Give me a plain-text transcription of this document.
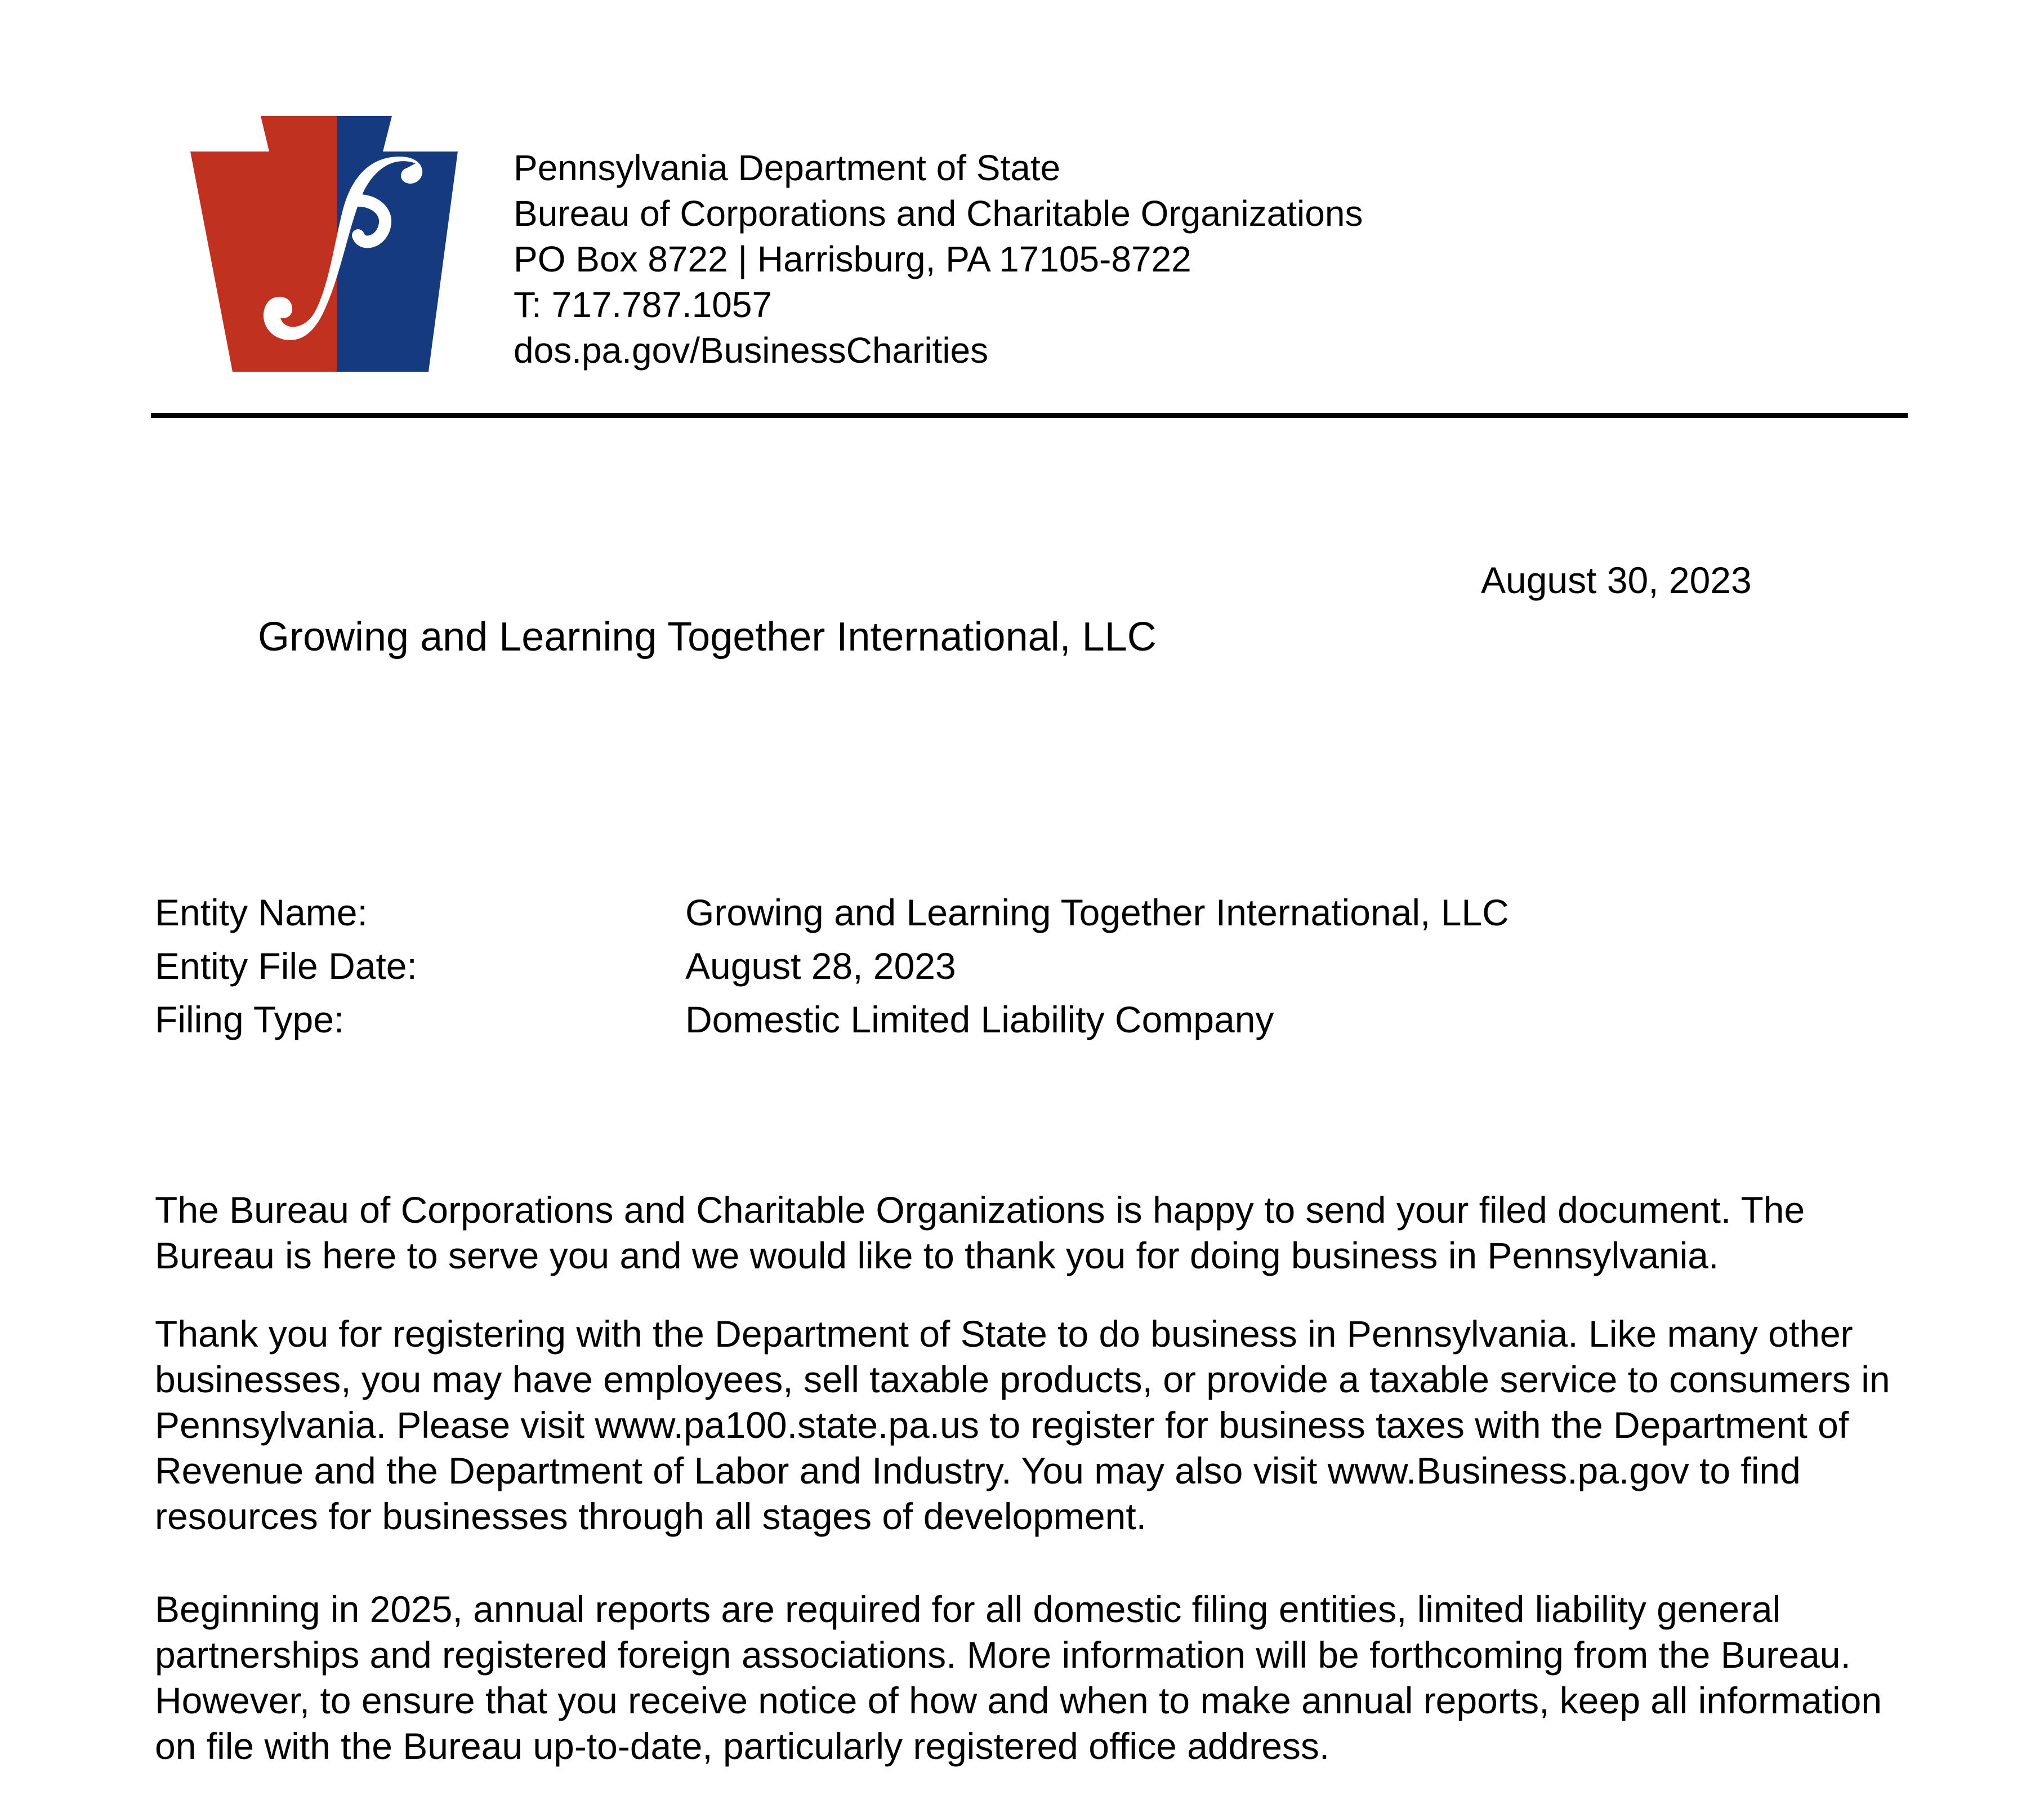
Pennsylvania Department of State
Bureau of Corporations and Charitable Organizations
PO Box 8722 | Harrisburg, PA 17105-8722
T: 717.787.1057
dos.pa.gov/BusinessCharities
August 30, 2023
Growing and Learning Together International, LLC
Entity Name:	Growing and Learning Together International, LLC
Entity File Date:	August 28, 2023
Filing Type:	Domestic Limited Liability Company

The Bureau of Corporations and Charitable Organizations is happy to send your filed document. The Bureau is here to serve you and we would like to thank you for doing business in Pennsylvania.

Thank you for registering with the Department of State to do business in Pennsylvania. Like many other businesses, you may have employees, sell taxable products, or provide a taxable service to consumers in Pennsylvania. Please visit www.pa100.state.pa.us to register for business taxes with the Department of Revenue and the Department of Labor and Industry. You may also visit www.Business.pa.gov to find resources for businesses through all stages of development.

Beginning in 2025, annual reports are required for all domestic filing entities, limited liability general partnerships and registered foreign associations. More information will be forthcoming from the Bureau. However, to ensure that you receive notice of how and when to make annual reports, keep all information on file with the Bureau up-to-date, particularly registered office address.
